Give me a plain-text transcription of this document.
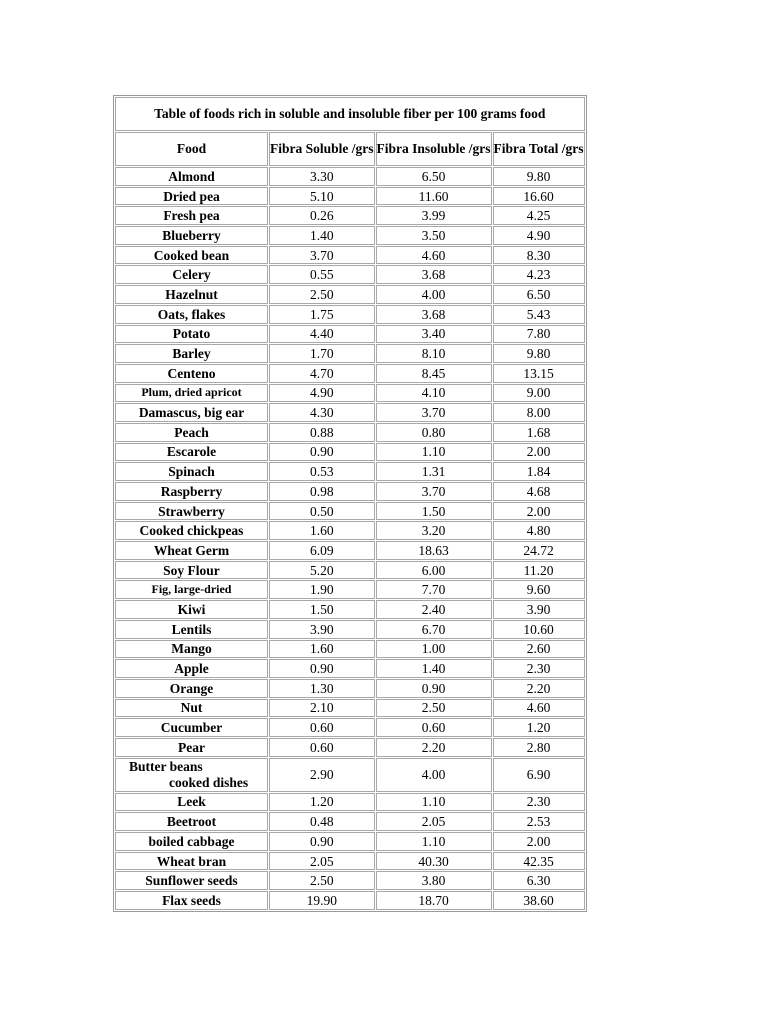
Table of foods rich in soluble and insoluble fiber per 100 grams food			
Food	Fibra Soluble /grs	Fibra Insoluble /grs	Fibra Total /grs
Almond	3.30	6.50	9.80
Dried pea	5.10	11.60	16.60
Fresh pea	0.26	3.99	4.25
Blueberry	1.40	3.50	4.90
Cooked bean	3.70	4.60	8.30
Celery	0.55	3.68	4.23
Hazelnut	2.50	4.00	6.50
Oats, flakes	1.75	3.68	5.43
Potato	4.40	3.40	7.80
Barley	1.70	8.10	9.80
Centeno	4.70	8.45	13.15
Plum, dried apricot	4.90	4.10	9.00
Damascus, big ear	4.30	3.70	8.00
Peach	0.88	0.80	1.68
Escarole	0.90	1.10	2.00
Spinach	0.53	1.31	1.84
Raspberry	0.98	3.70	4.68
Strawberry	0.50	1.50	2.00
Cooked chickpeas	1.60	3.20	4.80
Wheat Germ	6.09	18.63	24.72
Soy Flour	5.20	6.00	11.20
Fig, large-dried	1.90	7.70	9.60
Kiwi	1.50	2.40	3.90
Lentils	3.90	6.70	10.60
Mango	1.60	1.00	2.60
Apple	0.90	1.40	2.30
Orange	1.30	0.90	2.20
Nut	2.10	2.50	4.60
Cucumber	0.60	0.60	1.20
Pear	0.60	2.20	2.80

Butter beans
cooked dishes	2.90	4.00	6.90
Leek	1.20	1.10	2.30
Beetroot	0.48	2.05	2.53
boiled cabbage	0.90	1.10	2.00
Wheat bran	2.05	40.30	42.35
Sunflower seeds	2.50	3.80	6.30
Flax seeds	19.90	18.70	38.60
